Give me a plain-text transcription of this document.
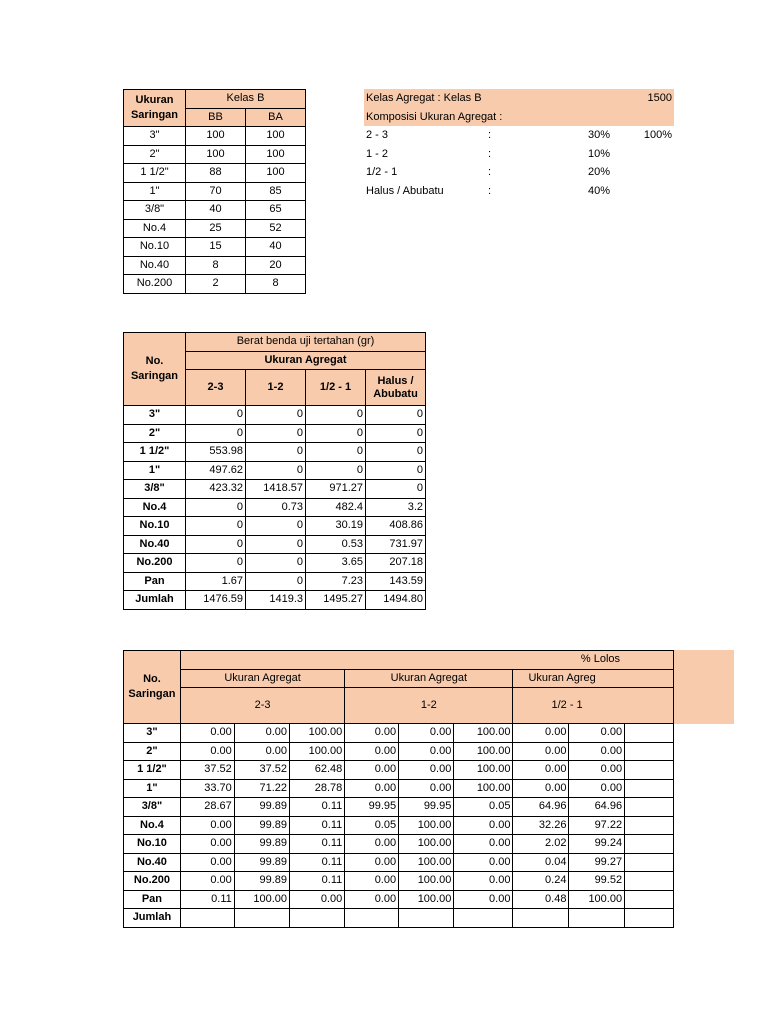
Ukuran Saringan	Kelas B	
	BB	BA
3"	100	100
2"	100	100
1 1/2"	88	100
1"	70	85
3/8"	40	65
No.4	25	52
No.10	15	40
No.40	8	20
No.200	2	8
Kelas Agregat : Kelas B	1500
Komposisi Ukuran Agregat :
2 - 3	:	30%	100%
1 - 2	:	10%
1/2 - 1	:	20%
Halus / Abubatu	:	40%
No. Saringan	Berat benda uji tertahan (gr)			
	Ukuran Agregat			
	2-3	1-2	1/2 - 1	Halus / Abubatu
3"	0	0	0	0
2"	0	0	0	0
1 1/2"	553.98	0	0	0
1"	497.62	0	0	0
3/8"	423.32	1418.57	971.27	0
No.4	0	0.73	482.4	3.2
No.10	0	0	30.19	408.86
No.40	0	0	0.53	731.97
No.200	0	0	3.65	207.18
Pan	1.67	0	7.23	143.59
Jumlah	1476.59	1419.3	1495.27	1494.80
No. Saringan	% Lolos								
	Ukuran Agregat			Ukuran Agregat			Ukuran Agreg		
	2-3			1-2			1/2 - 1		
3"	0.00	0.00	100.00	0.00	0.00	100.00	0.00	0.00	
2"	0.00	0.00	100.00	0.00	0.00	100.00	0.00	0.00	
1 1/2"	37.52	37.52	62.48	0.00	0.00	100.00	0.00	0.00	
1"	33.70	71.22	28.78	0.00	0.00	100.00	0.00	0.00	
3/8"	28.67	99.89	0.11	99.95	99.95	0.05	64.96	64.96	
No.4	0.00	99.89	0.11	0.05	100.00	0.00	32.26	97.22	
No.10	0.00	99.89	0.11	0.00	100.00	0.00	2.02	99.24	
No.40	0.00	99.89	0.11	0.00	100.00	0.00	0.04	99.27	
No.200	0.00	99.89	0.11	0.00	100.00	0.00	0.24	99.52	
Pan	0.11	100.00	0.00	0.00	100.00	0.00	0.48	100.00	
Jumlah									
